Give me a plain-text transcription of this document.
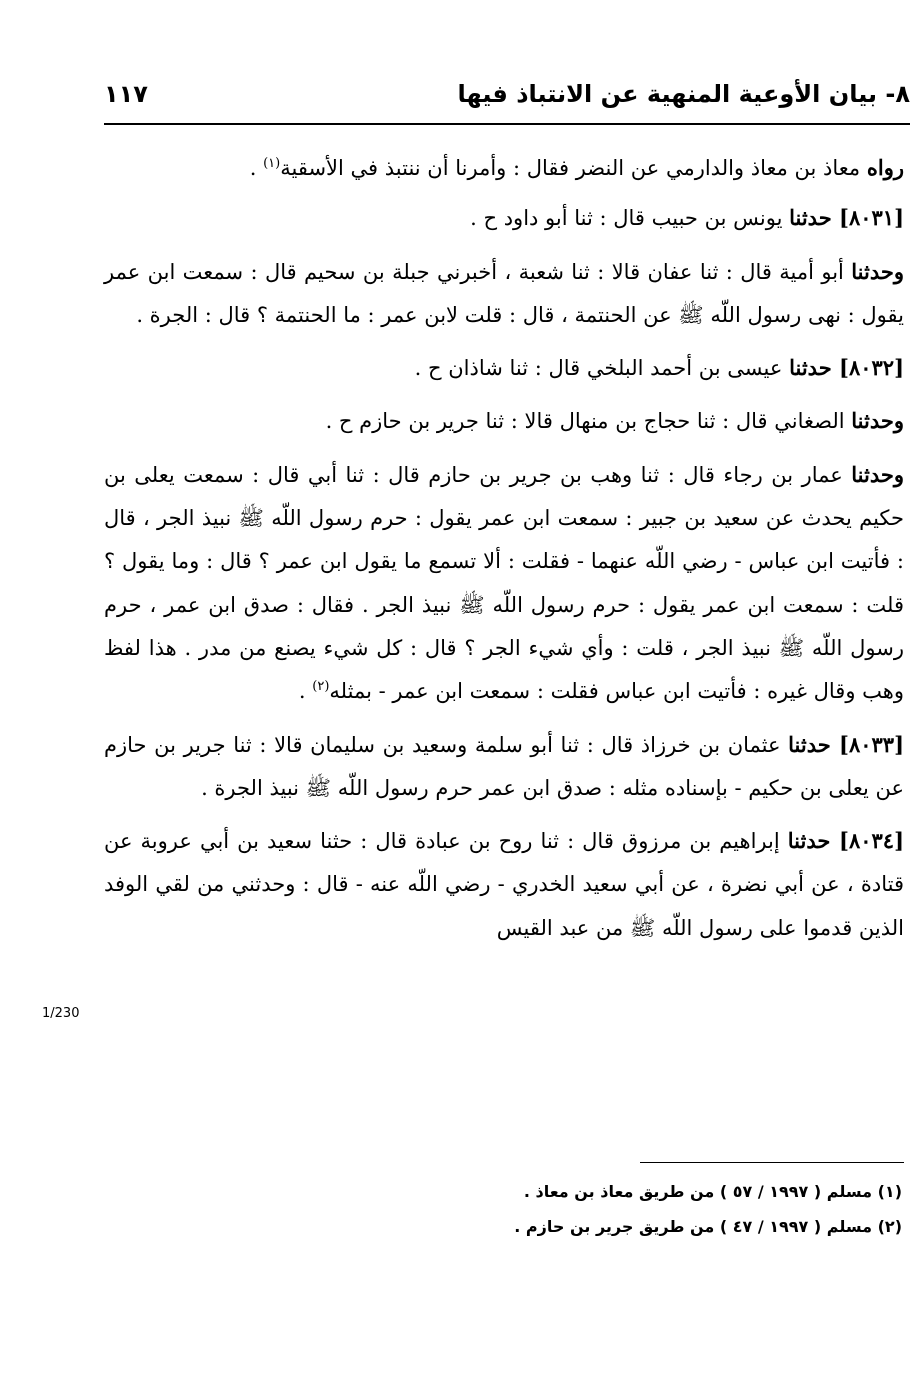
٨- بيان الأوعية المنهية عن الانتباذ فيها
١١٧
1/230

رواه معاذ بن معاذ والدارمي عن النضر فقال : وأمرنا أن ننتبذ في الأسقية$^{(١)}$ .

[٨٠٣١] حدثنا يونس بن حبيب قال : ثنا أبو داود ح .

وحدثنا أبو أمية قال : ثنا عفان قالا : ثنا شعبة ، أخبرني جبلة بن سحيم قال : سمعت ابن عمر يقول : نهى رسول اللّه ﷺ عن الحنتمة ، قال : قلت لابن عمر : ما الحنتمة ؟ قال : الجرة .

[٨٠٣٢] حدثنا عيسى بن أحمد البلخي قال : ثنا شاذان ح .

وحدثنا الصغاني قال : ثنا حجاج بن منهال قالا : ثنا جرير بن حازم ح .

وحدثنا عمار بن رجاء قال : ثنا وهب بن جرير بن حازم قال : ثنا أبي قال : سمعت يعلى بن حكيم يحدث عن سعيد بن جبير : سمعت ابن عمر يقول : حرم رسول اللّه ﷺ نبيذ الجر ، قال : فأتيت ابن عباس - رضي اللّه عنهما - فقلت : ألا تسمع ما يقول ابن عمر ؟ قال : وما يقول ؟ قلت : سمعت ابن عمر يقول : حرم رسول اللّه ﷺ نبيذ الجر . فقال : صدق ابن عمر ، حرم رسول اللّه ﷺ نبيذ الجر ، قلت : وأي شيء الجر ؟ قال : كل شيء يصنع من مدر . هذا لفظ وهب وقال غيره : فأتيت ابن عباس فقلت : سمعت ابن عمر - بمثله$^{(٢)}$ .

[٨٠٣٣] حدثنا عثمان بن خرزاذ قال : ثنا أبو سلمة وسعيد بن سليمان قالا : ثنا جرير بن حازم عن يعلى بن حكيم - بإسناده مثله : صدق ابن عمر حرم رسول اللّه ﷺ نبيذ الجرة .

[٨٠٣٤] حدثنا إبراهيم بن مرزوق قال : ثنا روح بن عبادة قال : حثنا سعيد بن أبي عروبة عن قتادة ، عن أبي نضرة ، عن أبي سعيد الخدري - رضي اللّه عنه - قال : وحدثني من لقي الوفد الذين قدموا على رسول اللّه ﷺ من عبد القيس

(١) مسلم ( ١٩٩٧ / ٥٧ ) من طريق معاذ بن معاذ .
(٢) مسلم ( ١٩٩٧ / ٤٧ ) من طريق جرير بن حازم .
